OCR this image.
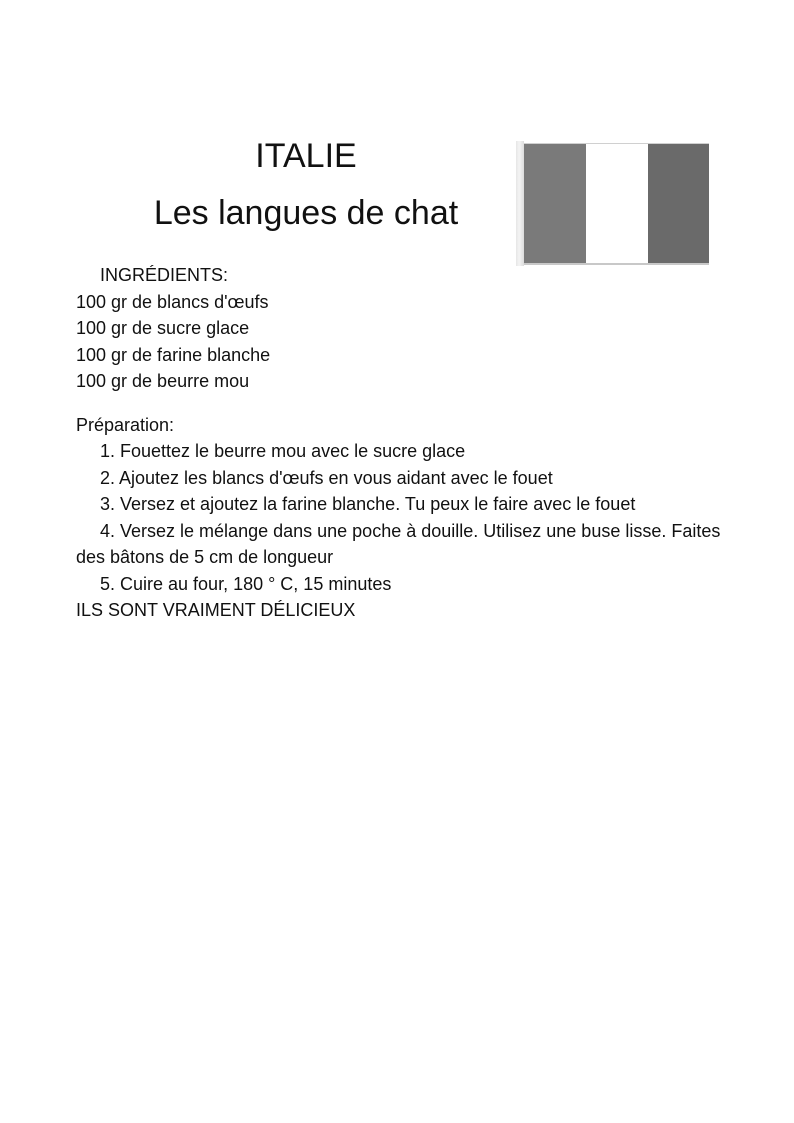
ITALIE
Les langues de chat

INGRÉDIENTS:

100 gr de blancs d'œufs

100 gr de sucre glace

100 gr de farine blanche

100 gr de beurre mou

Préparation:

1. Fouettez le beurre mou avec le sucre glace

2. Ajoutez les blancs d'œufs en vous aidant avec le fouet

3. Versez et ajoutez la farine blanche. Tu peux le faire avec le fouet

4. Versez le mélange dans une poche à douille. Utilisez une buse lisse. Faites des bâtons de 5 cm de longueur

5. Cuire au four, 180 ° C, 15 minutes

ILS SONT VRAIMENT DÉLICIEUX
